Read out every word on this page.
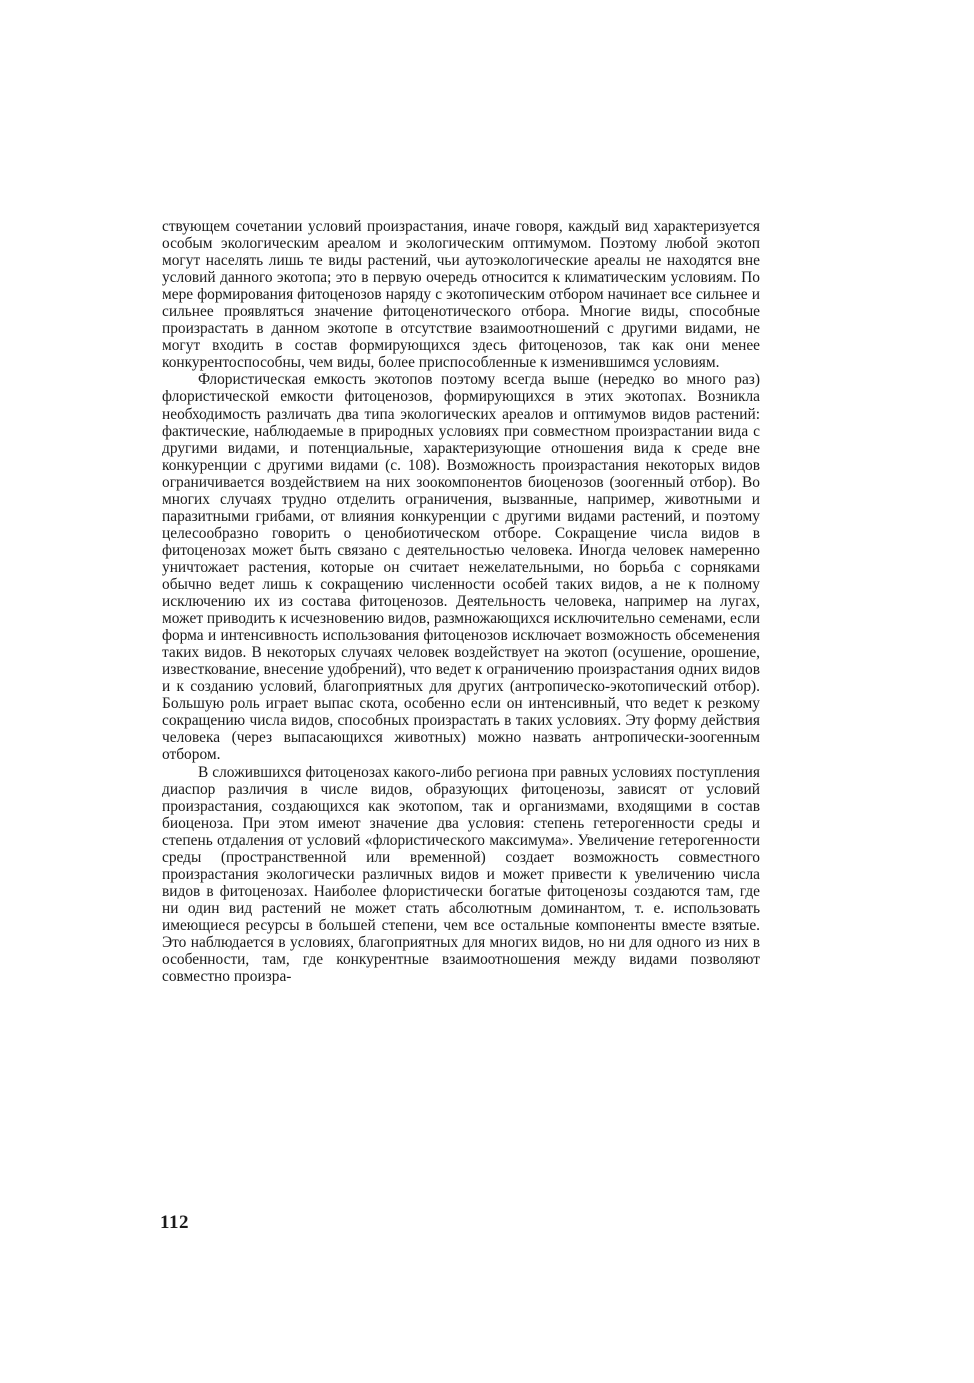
ствующем сочетании условий произрастания, иначе говоря, каждый вид характеризуется особым экологическим ареалом и экологическим оптимумом. Поэтому любой экотоп могут населять лишь те виды растений, чьи аутоэкологические ареалы не находятся вне условий данного экотопа; это в первую очередь относится к климатическим условиям. По мере формирования фитоценозов наряду с экотопическим отбором начинает все сильнее и сильнее проявляться значение фитоценотического отбора. Многие виды, способные произрастать в данном экотопе в отсутствие взаимоотношений с другими видами, не могут входить в состав формирующихся здесь фитоценозов, так как они менее конкурентоспособны, чем виды, более приспособленные к изменившимся условиям.

Флористическая емкость экотопов поэтому всегда выше (нередко во много раз) флористической емкости фитоценозов, формирующихся в этих экотопах. Возникла необходимость различать два типа экологических ареалов и оптимумов видов растений: фактические, наблюдаемые в природных условиях при совместном произрастании вида с другими видами, и потенциальные, характеризующие отношения вида к среде вне конкуренции с другими видами (с. 108). Возможность произрастания некоторых видов ограничивается воздействием на них зоокомпонентов биоценозов (зоогенный отбор). Во многих случаях трудно отделить ограничения, вызванные, например, животными и паразитными грибами, от влияния конкуренции с другими видами растений, и поэтому целесообразно говорить о ценобиотическом отборе. Сокращение числа видов в фитоценозах может быть связано с деятельностью человека. Иногда человек намеренно уничтожает растения, которые он считает нежелательными, но борьба с сорняками обычно ведет лишь к сокращению численности особей таких видов, а не к полному исключению их из состава фитоценозов. Деятельность человека, например на лугах, может приводить к исчезновению видов, размножающихся исключительно семенами, если форма и интенсивность использования фитоценозов исключает возможность обсеменения таких видов. В некоторых случаях человек воздействует на экотоп (осушение, орошение, известкование, внесение удобрений), что ведет к ограничению произрастания одних видов и к созданию условий, благоприятных для других (антропическо-экотопический отбор). Большую роль играет выпас скота, особенно если он интенсивный, что ведет к резкому сокращению числа видов, способных произрастать в таких условиях. Эту форму действия человека (через выпасающихся животных) можно назвать антропически-зоогенным отбором.

В сложившихся фитоценозах какого-либо региона при равных условиях поступления диаспор различия в числе видов, образующих фитоценозы, зависят от условий произрастания, создающихся как экотопом, так и организмами, входящими в состав биоценоза. При этом имеют значение два условия: степень гетерогенности среды и степень отдаления от условий «флористического максимума». Увеличение гетерогенности среды (пространственной или временной) создает возможность совместного произрастания экологически различных видов и может привести к увеличению числа видов в фитоценозах. Наиболее флористически богатые фитоценозы создаются там, где ни один вид растений не может стать абсолютным доминантом, т. е. использовать имеющиеся ресурсы в большей степени, чем все остальные компоненты вместе взятые. Это наблюдается в условиях, благоприятных для многих видов, но ни для одного из них в особенности, там, где конкурентные взаимоотношения между видами позволяют совместно произра-

112
